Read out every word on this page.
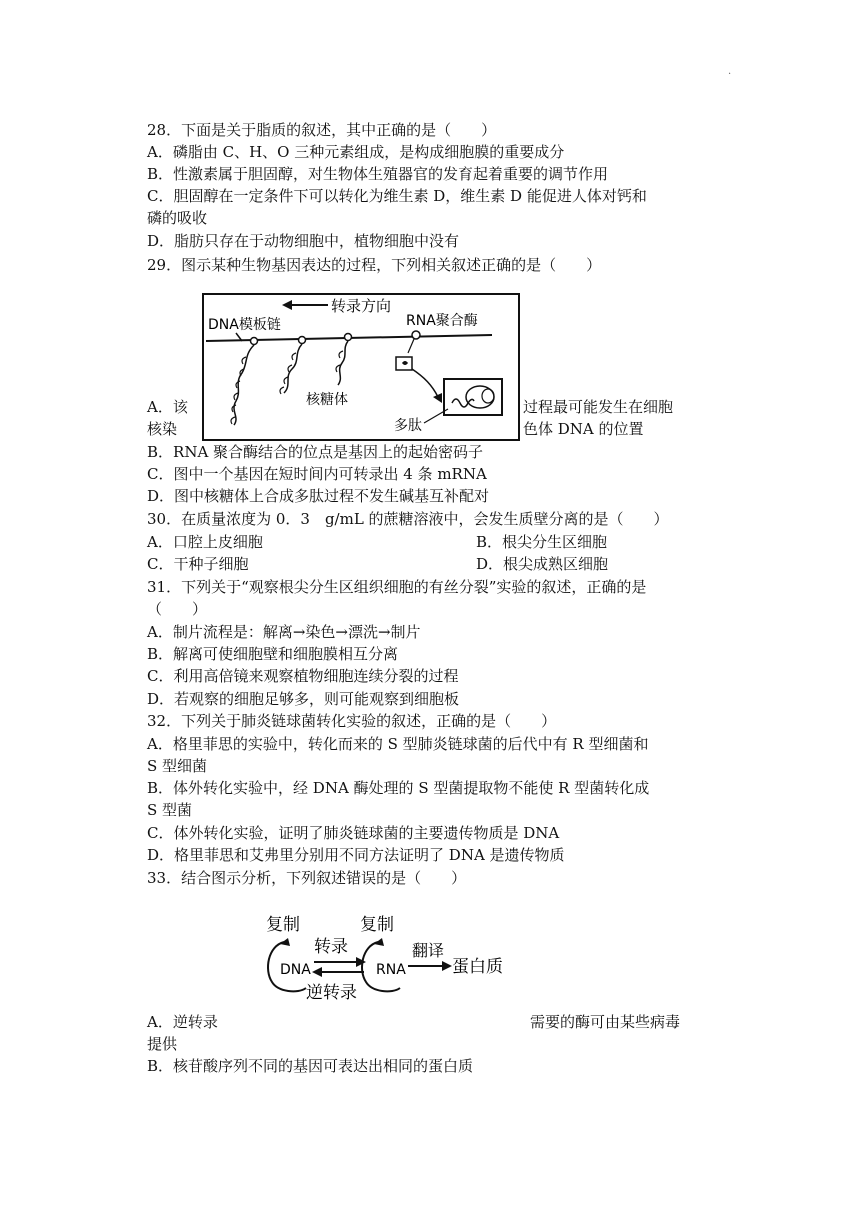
.
28．下面是关于脂质的叙述，其中正确的是（　　）
A．磷脂由 C、H、O 三种元素组成，是构成细胞膜的重要成分
B．性激素属于胆固醇，对生物体生殖器官的发育起着重要的调节作用
C．胆固醇在一定条件下可以转化为维生素 D，维生素 D 能促进人体对钙和
磷的吸收
D．脂肪只存在于动物细胞中，植物细胞中没有
29．图示某种生物基因表达的过程，下列相关叙述正确的是（　　）
转录方向
DNA模板链	RNA聚合酶
核糖体
多肽
A．该
核染
过程最可能发生在细胞
色体 DNA 的位置
B．RNA 聚合酶结合的位点是基因上的起始密码子
C．图中一个基因在短时间内可转录出 4 条 mRNA
D．图中核糖体上合成多肽过程不发生碱基互补配对
30．在质量浓度为 0．3　g/mL 的蔗糖溶液中，会发生质壁分离的是（　　）
A．口腔上皮细胞	B．根尖分生区细胞
C．干种子细胞	D．根尖成熟区细胞
31．下列关于“观察根尖分生区组织细胞的有丝分裂”实验的叙述，正确的是
（　　）
A．制片流程是：解离→染色→漂洗→制片
B．解离可使细胞壁和细胞膜相互分离
C．利用高倍镜来观察植物细胞连续分裂的过程
D．若观察的细胞足够多，则可能观察到细胞板
32．下列关于肺炎链球菌转化实验的叙述，正确的是（　　）
A．格里菲思的实验中，转化而来的 S 型肺炎链球菌的后代中有 R 型细菌和
S 型细菌
B．体外转化实验中，经 DNA 酶处理的 S 型菌提取物不能使 R 型菌转化成
S 型菌
C．体外转化实验，证明了肺炎链球菌的主要遗传物质是 DNA
D．格里菲思和艾弗里分别用不同方法证明了 DNA 是遗传物质
33．结合图示分析，下列叙述错误的是（　　）
复制	复制
DNA	RNA
转录
逆转录
翻译
蛋白质
A．逆转录	需要的酶可由某些病毒
提供
B．核苷酸序列不同的基因可表达出相同的蛋白质
